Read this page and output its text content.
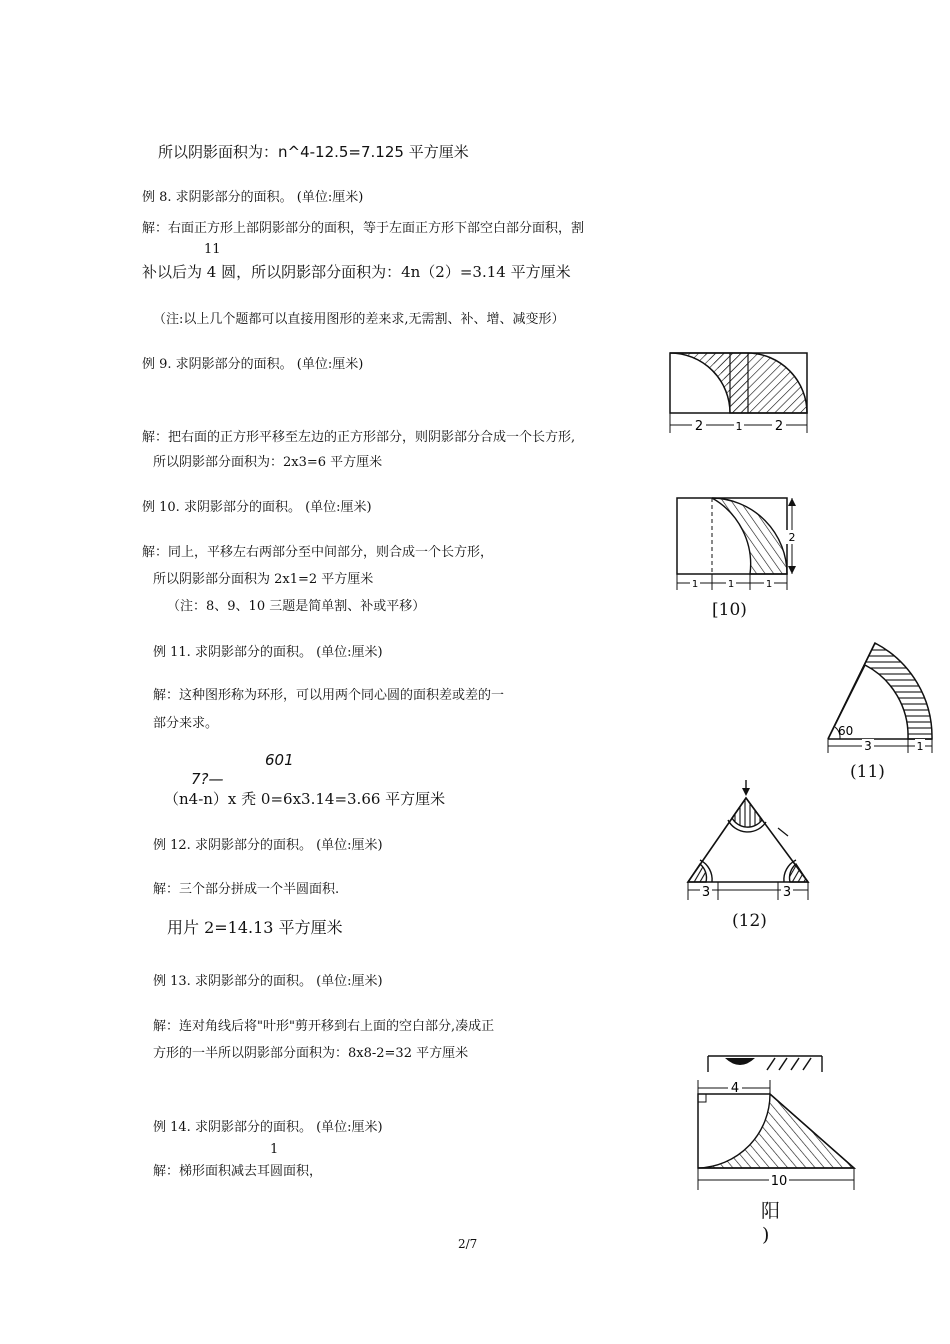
所以阴影面积为：n^4-12.5=7.125 平方厘米
例 8. 求阴影部分的面积。 (单位:厘米)
解：右面正方形上部阴影部分的面积，等于左面正方形下部空白部分面积，割
11
补以后为 4 圆，所以阴影部分面积为：4n（2）=3.14 平方厘米
（注:以上几个题都可以直接用图形的差来求,无需割、补、增、减变形）
例 9. 求阴影部分的面积。 (单位:厘米)
解：把右面的正方形平移至左边的正方形部分，则阴影部分合成一个长方形,
所以阴影部分面积为：2x3=6 平方厘米
例 10. 求阴影部分的面积。 (单位:厘米)
解：同上，平移左右两部分至中间部分，则合成一个长方形，
所以阴影部分面积为 2x1=2 平方厘米
（注：8、9、10 三题是简单割、补或平移）
例 11. 求阴影部分的面积。 (单位:厘米)
解：这种图形称为环形，可以用两个同心圆的面积差或差的一
部分来求。
601
7?—
（n4-n）x 秃 0=6x3.14=3.66 平方厘米
例 12. 求阴影部分的面积。 (单位:厘米)
解：三个部分拼成一个半圆面积.
用片 2=14.13 平方厘米
例 13. 求阴影部分的面积。 (单位:厘米)
解：连对角线后将"叶形"剪开移到右上面的空白部分,凑成正
方形的一半所以阴影部分面积为：8x8-2=32 平方厘米
例 14. 求阴影部分的面积。 (单位:厘米)
1
解：梯形面积减去耳圆面积，
2/7
2	1 2
2
1	1	1
[10)
60
3	1
(11)
3	3
(12)
4
10
阳
)
